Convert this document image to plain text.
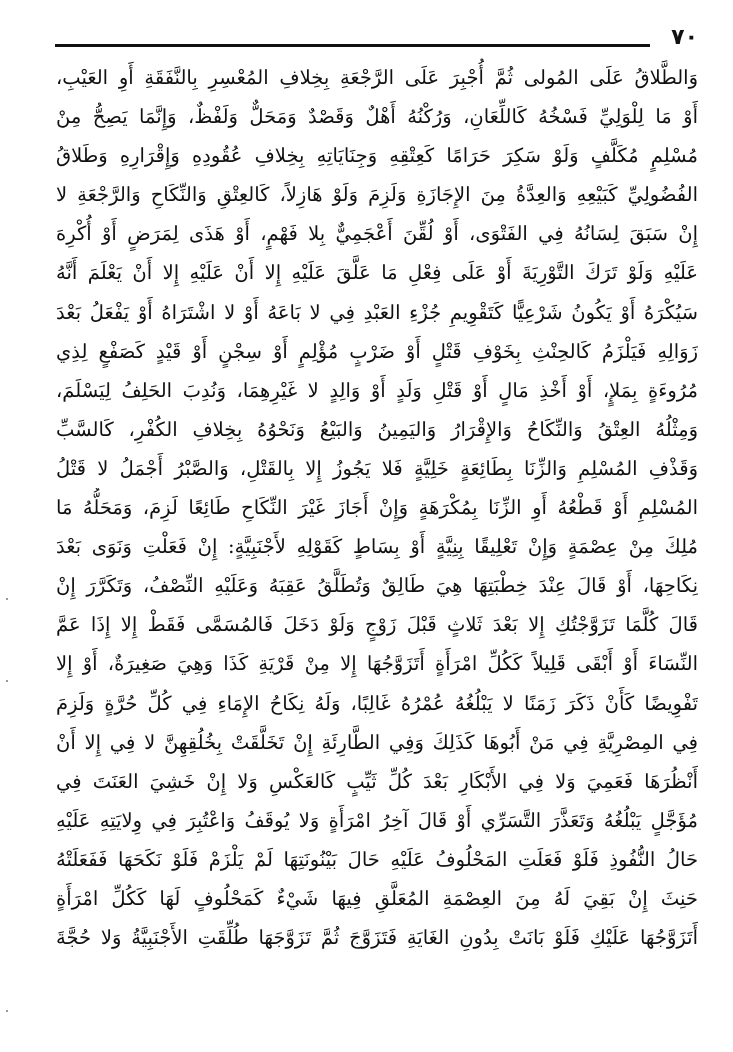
٧٠
وَالطَّلاقُ عَلَى المُولى ثُمَّ أُجْبِرَ عَلَى الرَّجْعَةِ بِخِلافِ المُعْسِرِ بِالنَّفَقَةِ أَوِ العَيْبِ،
أَوْ مَا لِلْوَلِيِّ فَسْخُهُ كَاللِّعَانِ، وَرُكْنُهُ أَهْلٌ وَقَصْدٌ وَمَحَلٌّ وَلَفْظٌ، وَإِنَّمَا يَصِحُّ مِنْ
مُسْلِمٍ مُكَلَّفٍ وَلَوْ سَكِرَ حَرَامًا كَعِتْقِهِ وَجِنَايَاتِهِ بِخِلافِ عُقُودِهِ وَإِقْرَارِهِ وَطَلاقُ
الفُضُولِيِّ كَبَيْعِهِ وَالعِدَّةُ مِنَ الإِجَازَةِ وَلَزِمَ وَلَوْ هَازِلاً، كَالعِتْقِ وَالنِّكَاحِ وَالرَّجْعَةِ لا
إِنْ سَبَقَ لِسَانُهُ فِي الفَتْوَى، أَوْ لُقِّنَ أَعْجَمِيٌّ بِلا فَهْمٍ، أَوْ هَذَى لِمَرَضٍ أَوْ أُكْرِهَ
عَلَيْهِ وَلَوْ تَرَكَ التَّوْرِيَةَ أَوْ عَلَى فِعْلِ مَا عَلَّقَ عَلَيْهِ إِلا أَنْ عَلَيْهِ إِلا أَنْ يَعْلَمَ أَنَّهُ
سَيُكْرَهُ أَوْ يَكُونُ شَرْعِيًّا كَتَقْوِيمِ جُزْءِ العَبْدِ فِي لا بَاعَهُ أَوْ لا اشْتَرَاهُ أَوْ يَفْعَلُ بَعْدَ
زَوَالِهِ فَيَلْزَمُ كَالحِنْثِ بِخَوْفِ قَتْلٍ أَوْ ضَرْبٍ مُؤْلِمٍ أَوْ سِجْنٍ أَوْ قَيْدٍ كَصَفْعٍ لِذِي
مُرُوءَةٍ بِمَلإٍ، أَوْ أَخْذِ مَالٍ أَوْ قَتْلِ وَلَدٍ أَوْ وَالِدٍ لا غَيْرِهِمَا، وَنُدِبَ الحَلِفُ لِيَسْلَمَ،
وَمِثْلُهُ العِتْقُ وَالنِّكَاحُ وَالإِقْرَارُ وَاليَمِينُ وَالبَيْعُ وَنَحْوُهُ بِخِلافِ الكُفْرِ، كَالسَّبِّ
وَقَذْفِ المُسْلِمِ وَالزِّنَا بِطَائِعَةٍ خَلِيَّةٍ فَلا يَجُوزُ إِلا بِالقَتْلِ، وَالصَّبْرُ أَجْمَلُ لا قَتْلُ
المُسْلِمِ أَوْ قَطْعُهُ أَوِ الزِّنَا بِمُكْرَهَةٍ وَإِنْ أَجَازَ غَيْرَ النِّكَاحِ طَائِعًا لَزِمَ، وَمَحَلُّهُ مَا
مُلِكَ مِنْ عِصْمَةٍ وَإِنْ تَعْلِيقًا بِنِيَّةٍ أَوْ بِسَاطٍ كَقَوْلِهِ لأَجْنَبِيَّةٍ: إِنْ فَعَلْتِ وَنَوَى بَعْدَ
نِكَاحِهَا، أَوْ قَالَ عِنْدَ خِطْبَتِهَا هِيَ طَالِقٌ وَتُطَلَّقُ عَقِبَهُ وَعَلَيْهِ النِّصْفُ، وَتَكَرَّرَ إِنْ
قَالَ كُلَّمَا تَزَوَّجْتُكِ إِلا بَعْدَ ثَلاثٍ قَبْلَ زَوْجٍ وَلَوْ دَخَلَ فَالمُسَمَّى فَقَطْ إِلا إِذَا عَمَّ
النِّسَاءَ أَوْ أَبْقَى قَلِيلاً كَكُلِّ امْرَأَةٍ أَتَزَوَّجُهَا إِلا مِنْ قَرْيَةِ كَذَا وَهِيَ صَغِيرَةٌ، أَوْ إِلا
تَفْوِيضًا كَأَنْ ذَكَرَ زَمَنًا لا يَبْلُغُهُ عُمْرُهُ غَالِبًا، وَلَهُ نِكَاحُ الإِمَاءِ فِي كُلِّ حُرَّةٍ وَلَزِمَ
فِي المِصْرِيَّةِ فِي مَنْ أَبُوهَا كَذَلِكَ وَفِي الطَّارِئَةِ إِنْ تَخَلَّقَتْ بِخُلُقِهِنَّ لا فِي إِلا أَنْ
أَنْظُرَهَا فَعَمِيَ وَلا فِي الأَبْكَارِ بَعْدَ كُلِّ ثَيِّبٍ كَالعَكْسِ وَلا إِنْ خَشِيَ العَنَتَ فِي
مُؤَجَّلٍ يَبْلُغُهُ وَتَعَذَّرَ التَّسَرِّي أَوْ قَالَ آخِرُ امْرَأَةٍ وَلا يُوقَفُ وَاعْتُبِرَ فِي وِلايَتِهِ عَلَيْهِ
حَالُ النُّفُوذِ فَلَوْ فَعَلَتِ المَحْلُوفُ عَلَيْهِ حَالَ بَيْنُونَتِهَا لَمْ يَلْزَمْ فَلَوْ نَكَحَهَا فَفَعَلَتْهُ
حَنِثَ إِنْ بَقِيَ لَهُ مِنَ العِصْمَةِ المُعَلَّقِ فِيهَا شَيْءٌ كَمَحْلُوفٍ لَهَا كَكُلِّ امْرَأَةٍ
أَتَزَوَّجُهَا عَلَيْكِ فَلَوْ بَانَتْ بِدُونِ الغَايَةِ فَتَزَوَّجَ ثُمَّ تَزَوَّجَهَا طُلِّقَتِ الأَجْنَبِيَّةُ وَلا حُجَّةَ
